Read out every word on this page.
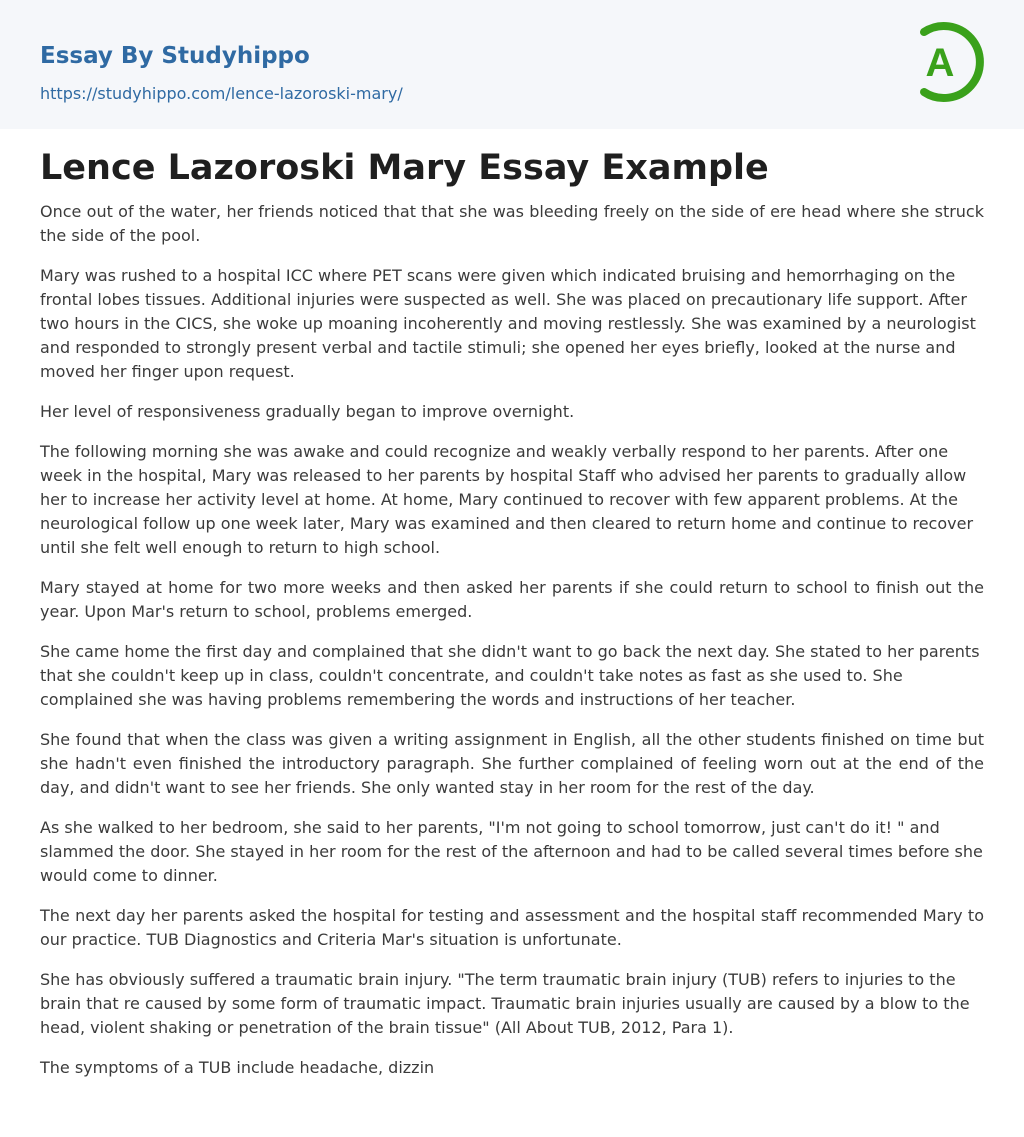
Essay By Studyhippo
https://studyhippo.com/lence-lazoroski-mary/
A
Lence Lazoroski Mary Essay Example

Once out of the water, her friends noticed that that she was bleeding freely on the side of ere head where she struck the side of the pool.

Mary was rushed to a hospital ICC where PET scans were given which indicated bruising and hemorrhaging on the frontal lobes tissues. Additional injuries were suspected as well. She was placed on precautionary life support. After two hours in the CICS, she woke up moaning incoherently and moving restlessly. She was examined by a neurologist and responded to strongly present verbal and tactile stimuli; she opened her eyes briefly, looked at the nurse and moved her finger upon request.

Her level of responsiveness gradually began to improve overnight.

The following morning she was awake and could recognize and weakly verbally respond to her parents. After one week in the hospital, Mary was released to her parents by hospital Staff who advised her parents to gradually allow her to increase her activity level at home. At home, Mary continued to recover with few apparent problems. At the neurological follow up one week later, Mary was examined and then cleared to return home and continue to recover until she felt well enough to return to high school.

Mary stayed at home for two more weeks and then asked her parents if she could return to school to finish out the year. Upon Mar's return to school, problems emerged.

She came home the first day and complained that she didn't want to go back the next day. She stated to her parents that she couldn't keep up in class, couldn't concentrate, and couldn't take notes as fast as she used to. She complained she was having problems remembering the words and instructions of her teacher.

She found that when the class was given a writing assignment in English, all the other students finished on time but she hadn't even finished the introductory paragraph. She further complained of feeling worn out at the end of the day, and didn't want to see her friends. She only wanted stay in her room for the rest of the day.

As she walked to her bedroom, she said to her parents, "I'm not going to school tomorrow, just can't do it! " and slammed the door. She stayed in her room for the rest of the afternoon and had to be called several times before she would come to dinner.

The next day her parents asked the hospital for testing and assessment and the hospital staff recommended Mary to our practice. TUB Diagnostics and Criteria Mar's situation is unfortunate.

She has obviously suffered a traumatic brain injury. "The term traumatic brain injury (TUB) refers to injuries to the brain that re caused by some form of traumatic impact. Traumatic brain injuries usually are caused by a blow to the head, violent shaking or penetration of the brain tissue" (All About TUB, 2012, Para 1).

The symptoms of a TUB include headache, dizzin
